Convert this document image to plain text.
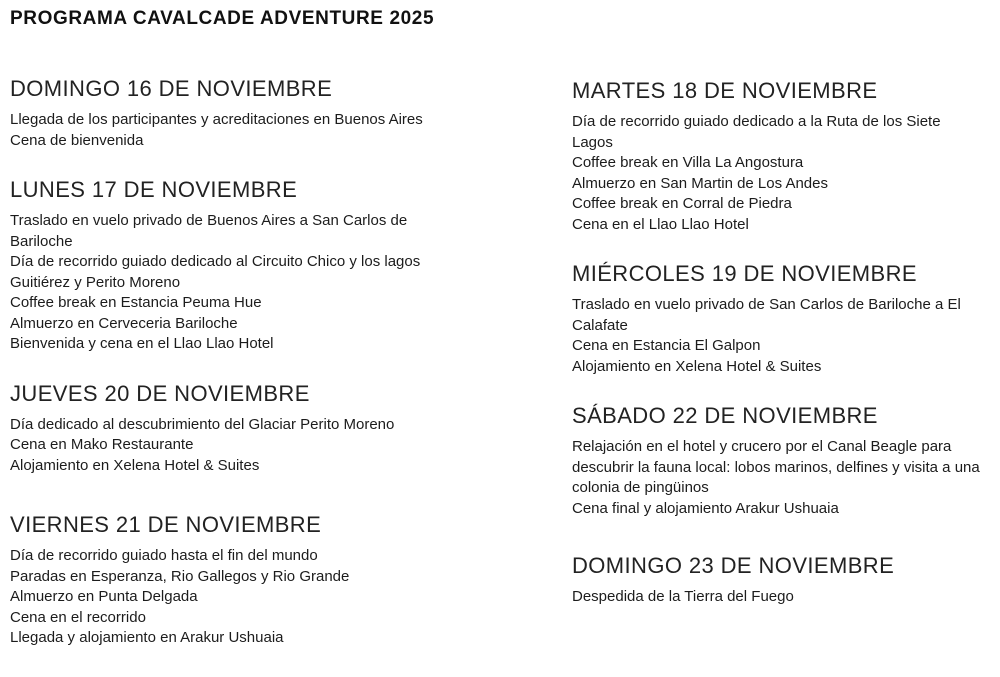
PROGRAMA CAVALCADE ADVENTURE 2025
DOMINGO 16 DE NOVIEMBRE

Llegada de los participantes y acreditaciones en Buenos Aires

Cena de bienvenida

LUNES 17 DE NOVIEMBRE

Traslado en vuelo privado de Buenos Aires a San Carlos de Bariloche

Día de recorrido guiado dedicado al Circuito Chico y los lagos Guitiérez y Perito Moreno

Coffee break en Estancia Peuma Hue

Almuerzo en Cerveceria Bariloche

Bienvenida y cena en el Llao Llao Hotel

JUEVES 20 DE NOVIEMBRE

Día dedicado al descubrimiento del Glaciar Perito Moreno

Cena en Mako Restaurante

Alojamiento en Xelena Hotel & Suites

VIERNES 21 DE NOVIEMBRE

Día de recorrido guiado hasta el fin del mundo

Paradas en Esperanza, Rio Gallegos y Rio Grande

Almuerzo en Punta Delgada

Cena en el recorrido

Llegada y alojamiento en Arakur Ushuaia

MARTES 18 DE NOVIEMBRE

Día de recorrido guiado dedicado a la Ruta de los Siete Lagos

Coffee break en Villa La Angostura

Almuerzo en San Martin de Los Andes

Coffee break en Corral de Piedra

Cena en el Llao Llao Hotel

MIÉRCOLES 19 DE NOVIEMBRE

Traslado en vuelo privado de San Carlos de Bariloche a El Calafate

Cena en Estancia El Galpon

Alojamiento en Xelena Hotel & Suites

SÁBADO 22 DE NOVIEMBRE

Relajación en el hotel y crucero por el Canal Beagle para descubrir la fauna local: lobos marinos, delfines y visita a una colonia de pingüinos

Cena final y alojamiento Arakur Ushuaia

DOMINGO 23 DE NOVIEMBRE

Despedida de la Tierra del Fuego
